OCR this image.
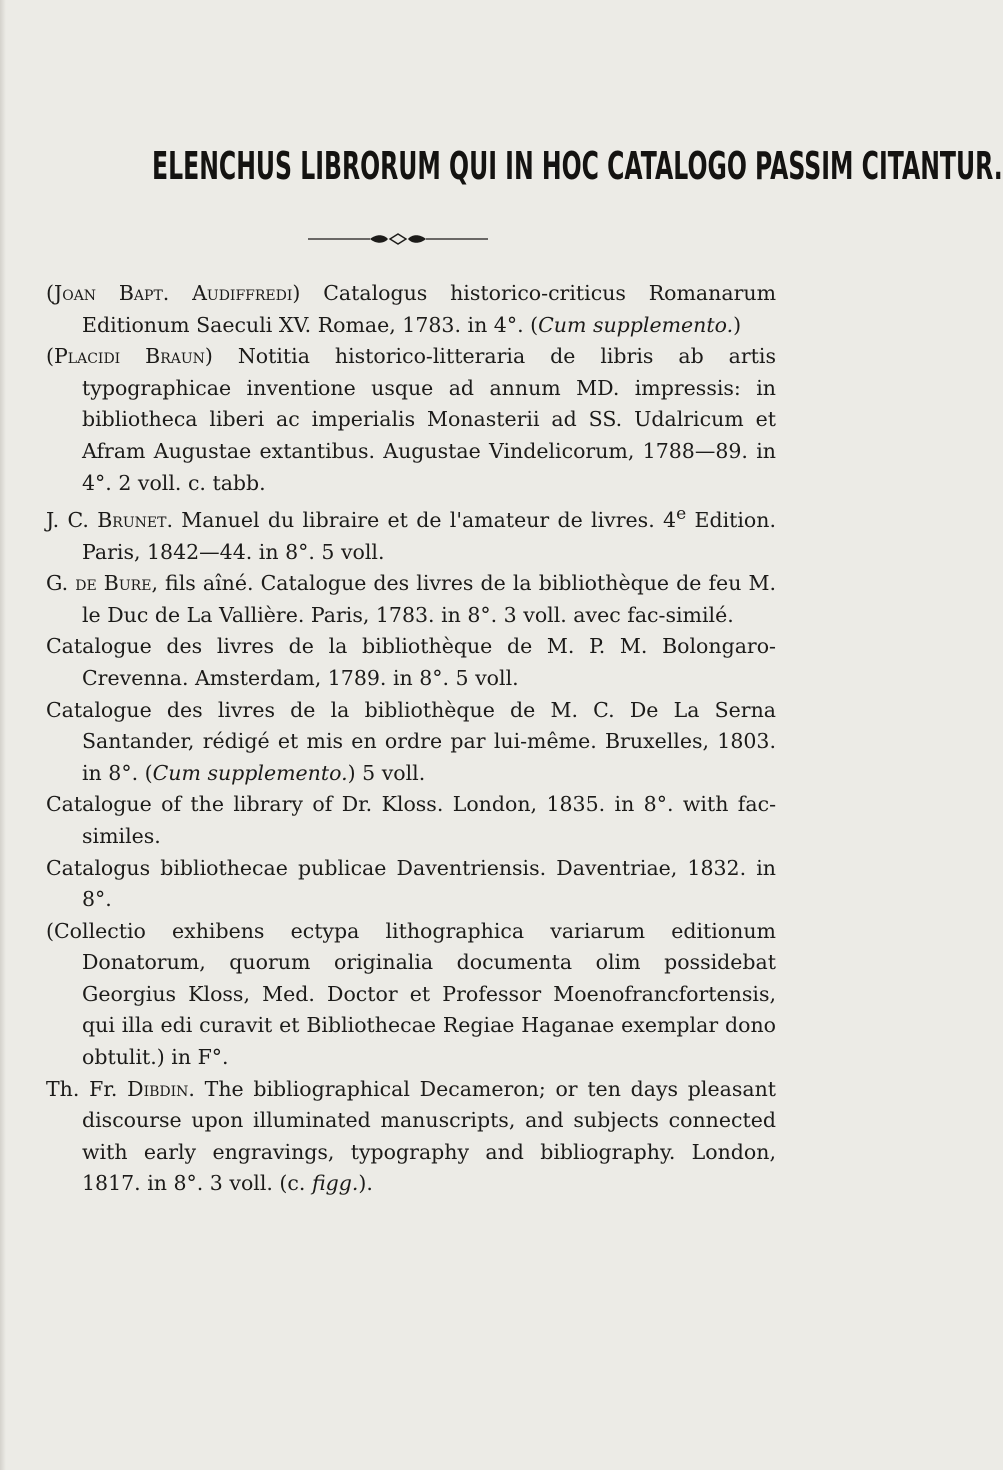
ELENCHUS LIBRORUM QUI IN HOC CATALOGO PASSIM CITANTUR.

(Joan Bapt. Audiffredi) Catalogus historico-criticus Romanarum Editionum Saeculi XV. Romae, 1783. in 4°. (Cum supplemento.)

(Placidi Braun) Notitia historico-litteraria de libris ab artis typographicae inventione usque ad annum MD. impressis: in bibliotheca liberi ac imperialis Monasterii ad SS. Udalricum et Afram Augustae extantibus. Augustae Vindelicorum, 1788—89. in 4°. 2 voll. c. tabb.

J. C. Brunet. Manuel du libraire et de l'amateur de livres. 4e Edition. Paris, 1842—44. in 8°. 5 voll.

G. de Bure, fils aîné. Catalogue des livres de la bibliothèque de feu M. le Duc de La Vallière. Paris, 1783. in 8°. 3 voll. avec fac-similé.

Catalogue des livres de la bibliothèque de M. P. M. Bolongaro-Crevenna. Amsterdam, 1789. in 8°. 5 voll.

Catalogue des livres de la bibliothèque de M. C. De La Serna Santander, rédigé et mis en ordre par lui-même. Bruxelles, 1803. in 8°. (Cum supplemento.) 5 voll.

Catalogue of the library of Dr. Kloss. London, 1835. in 8°. with fac-similes.

Catalogus bibliothecae publicae Daventriensis. Daventriae, 1832. in 8°.

(Collectio exhibens ectypa lithographica variarum editionum Donatorum, quorum originalia documenta olim possidebat Georgius Kloss, Med. Doctor et Professor Moenofrancfortensis, qui illa edi curavit et Bibliothecae Regiae Haganae exemplar dono obtulit.) in F°.

Th. Fr. Dibdin. The bibliographical Decameron; or ten days pleasant discourse upon illuminated manuscripts, and subjects connected with early engravings, typography and bibliography. London, 1817. in 8°. 3 voll. (c. figg.).
